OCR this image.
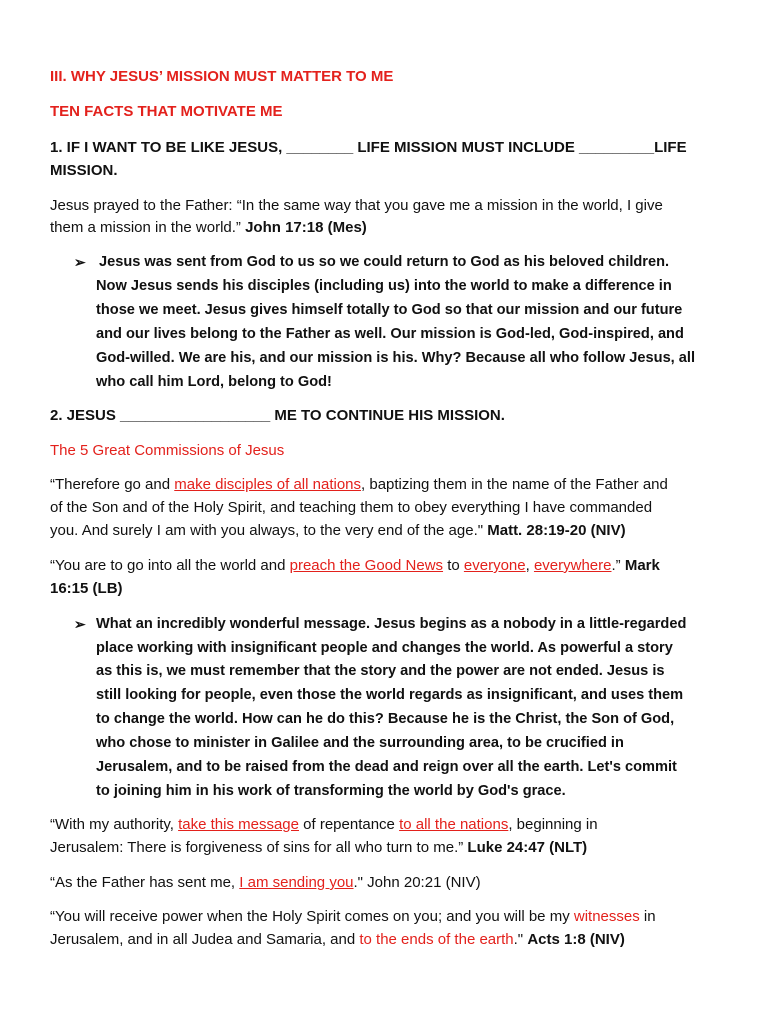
III. WHY JESUS’ MISSION MUST MATTER TO ME
TEN FACTS THAT MOTIVATE ME
1. IF I WANT TO BE LIKE JESUS, ________ LIFE MISSION MUST INCLUDE _________LIFE
MISSION.
Jesus prayed to the Father: “In the same way that you gave me a mission in the world, I give
them a mission in the world.” John 17:18 (Mes)
➢ Jesus was sent from God to us so we could return to God as his beloved children.
Now Jesus sends his disciples (including us) into the world to make a difference in
those we meet. Jesus gives himself totally to God so that our mission and our future
and our lives belong to the Father as well. Our mission is God-led, God-inspired, and
God-willed. We are his, and our mission is his. Why? Because all who follow Jesus, all
who call him Lord, belong to God!
2. JESUS __________________ ME TO CONTINUE HIS MISSION.
The 5 Great Commissions of Jesus
“Therefore go and make disciples of all nations, baptizing them in the name of the Father and
of the Son and of the Holy Spirit, and teaching them to obey everything I have commanded
you. And surely I am with you always, to the very end of the age." Matt. 28:19-20 (NIV)
“You are to go into all the world and preach the Good News to everyone, everywhere.” Mark
16:15 (LB)
➢ What an incredibly wonderful message. Jesus begins as a nobody in a little-regarded
place working with insignificant people and changes the world. As powerful a story
as this is, we must remember that the story and the power are not ended. Jesus is
still looking for people, even those the world regards as insignificant, and uses them
to change the world. How can he do this? Because he is the Christ, the Son of God,
who chose to minister in Galilee and the surrounding area, to be crucified in
Jerusalem, and to be raised from the dead and reign over all the earth. Let's commit
to joining him in his work of transforming the world by God's grace.
“With my authority, take this message of repentance to all the nations, beginning in
Jerusalem: There is forgiveness of sins for all who turn to me.” Luke 24:47 (NLT)
“As the Father has sent me, I am sending you." John 20:21 (NIV)
“You will receive power when the Holy Spirit comes on you; and you will be my witnesses in
Jerusalem, and in all Judea and Samaria, and to the ends of the earth." Acts 1:8 (NIV)
